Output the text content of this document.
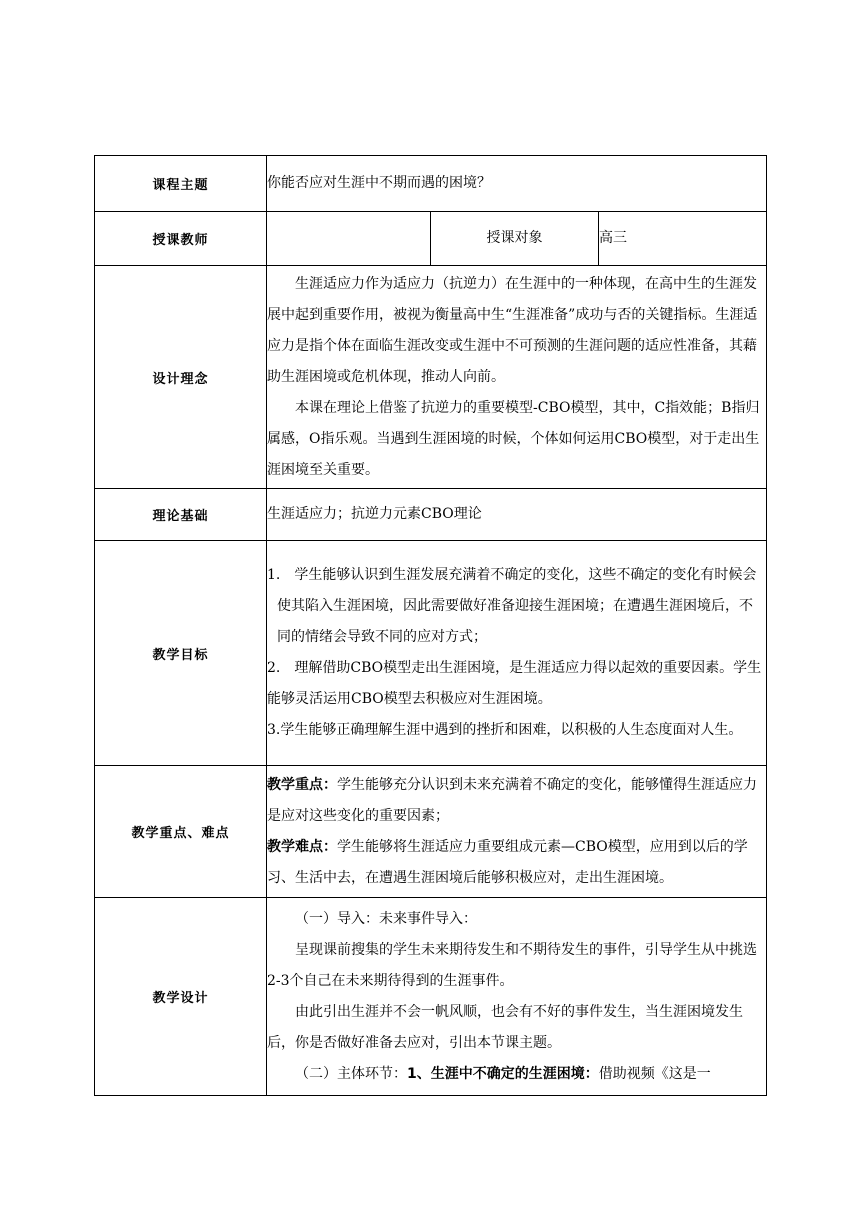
课程主题	你能否应对生涯中不期而遇的困境？		
授课教师		授课对象	高三
设计理念	生涯适应力作为适应力（抗逆力）在生涯中的一种体现，在高中生的生涯发展中起到重要作用，被视为衡量高中生“生涯准备”成功与否的关键指标。生涯适应力是指个体在面临生涯改变或生涯中不可预测的生涯问题的适应性准备，其藉助生涯困境或危机体现，推动人向前。

本课在理论上借鉴了抗逆力的重要模型-CBO模型，其中，C指效能；B指归属感，O指乐观。当遇到生涯困境的时候，个体如何运用CBO模型，对于走出生涯困境至关重要。		

理论基础	生涯适应力；抗逆力元素CBO理论		
教学目标	1.　学生能够认识到生涯发展充满着不确定的变化，这些不确定的变化有时候会使其陷入生涯困境，因此需要做好准备迎接生涯困境；在遭遇生涯困境后，不同的情绪会导致不同的应对方式；

2.　理解借助CBO模型走出生涯困境，是生涯适应力得以起效的重要因素。学生能够灵活运用CBO模型去积极应对生涯困境。

3.学生能够正确理解生涯中遇到的挫折和困难，以积极的人生态度面对人生。		

教学重点、难点	教学重点：学生能够充分认识到未来充满着不确定的变化，能够懂得生涯适应力是应对这些变化的重要因素；

教学难点：学生能够将生涯适应力重要组成元素—CBO模型，应用到以后的学习、生活中去，在遭遇生涯困境后能够积极应对，走出生涯困境。		

教学设计	（一）导入：未来事件导入：

呈现课前搜集的学生未来期待发生和不期待发生的事件，引导学生从中挑选2-3个自己在未来期待得到的生涯事件。

由此引出生涯并不会一帆风顺，也会有不好的事件发生，当生涯困境发生后，你是否做好准备去应对，引出本节课主题。

（二）主体环节：1、生涯中不确定的生涯困境：借助视频《这是一		
